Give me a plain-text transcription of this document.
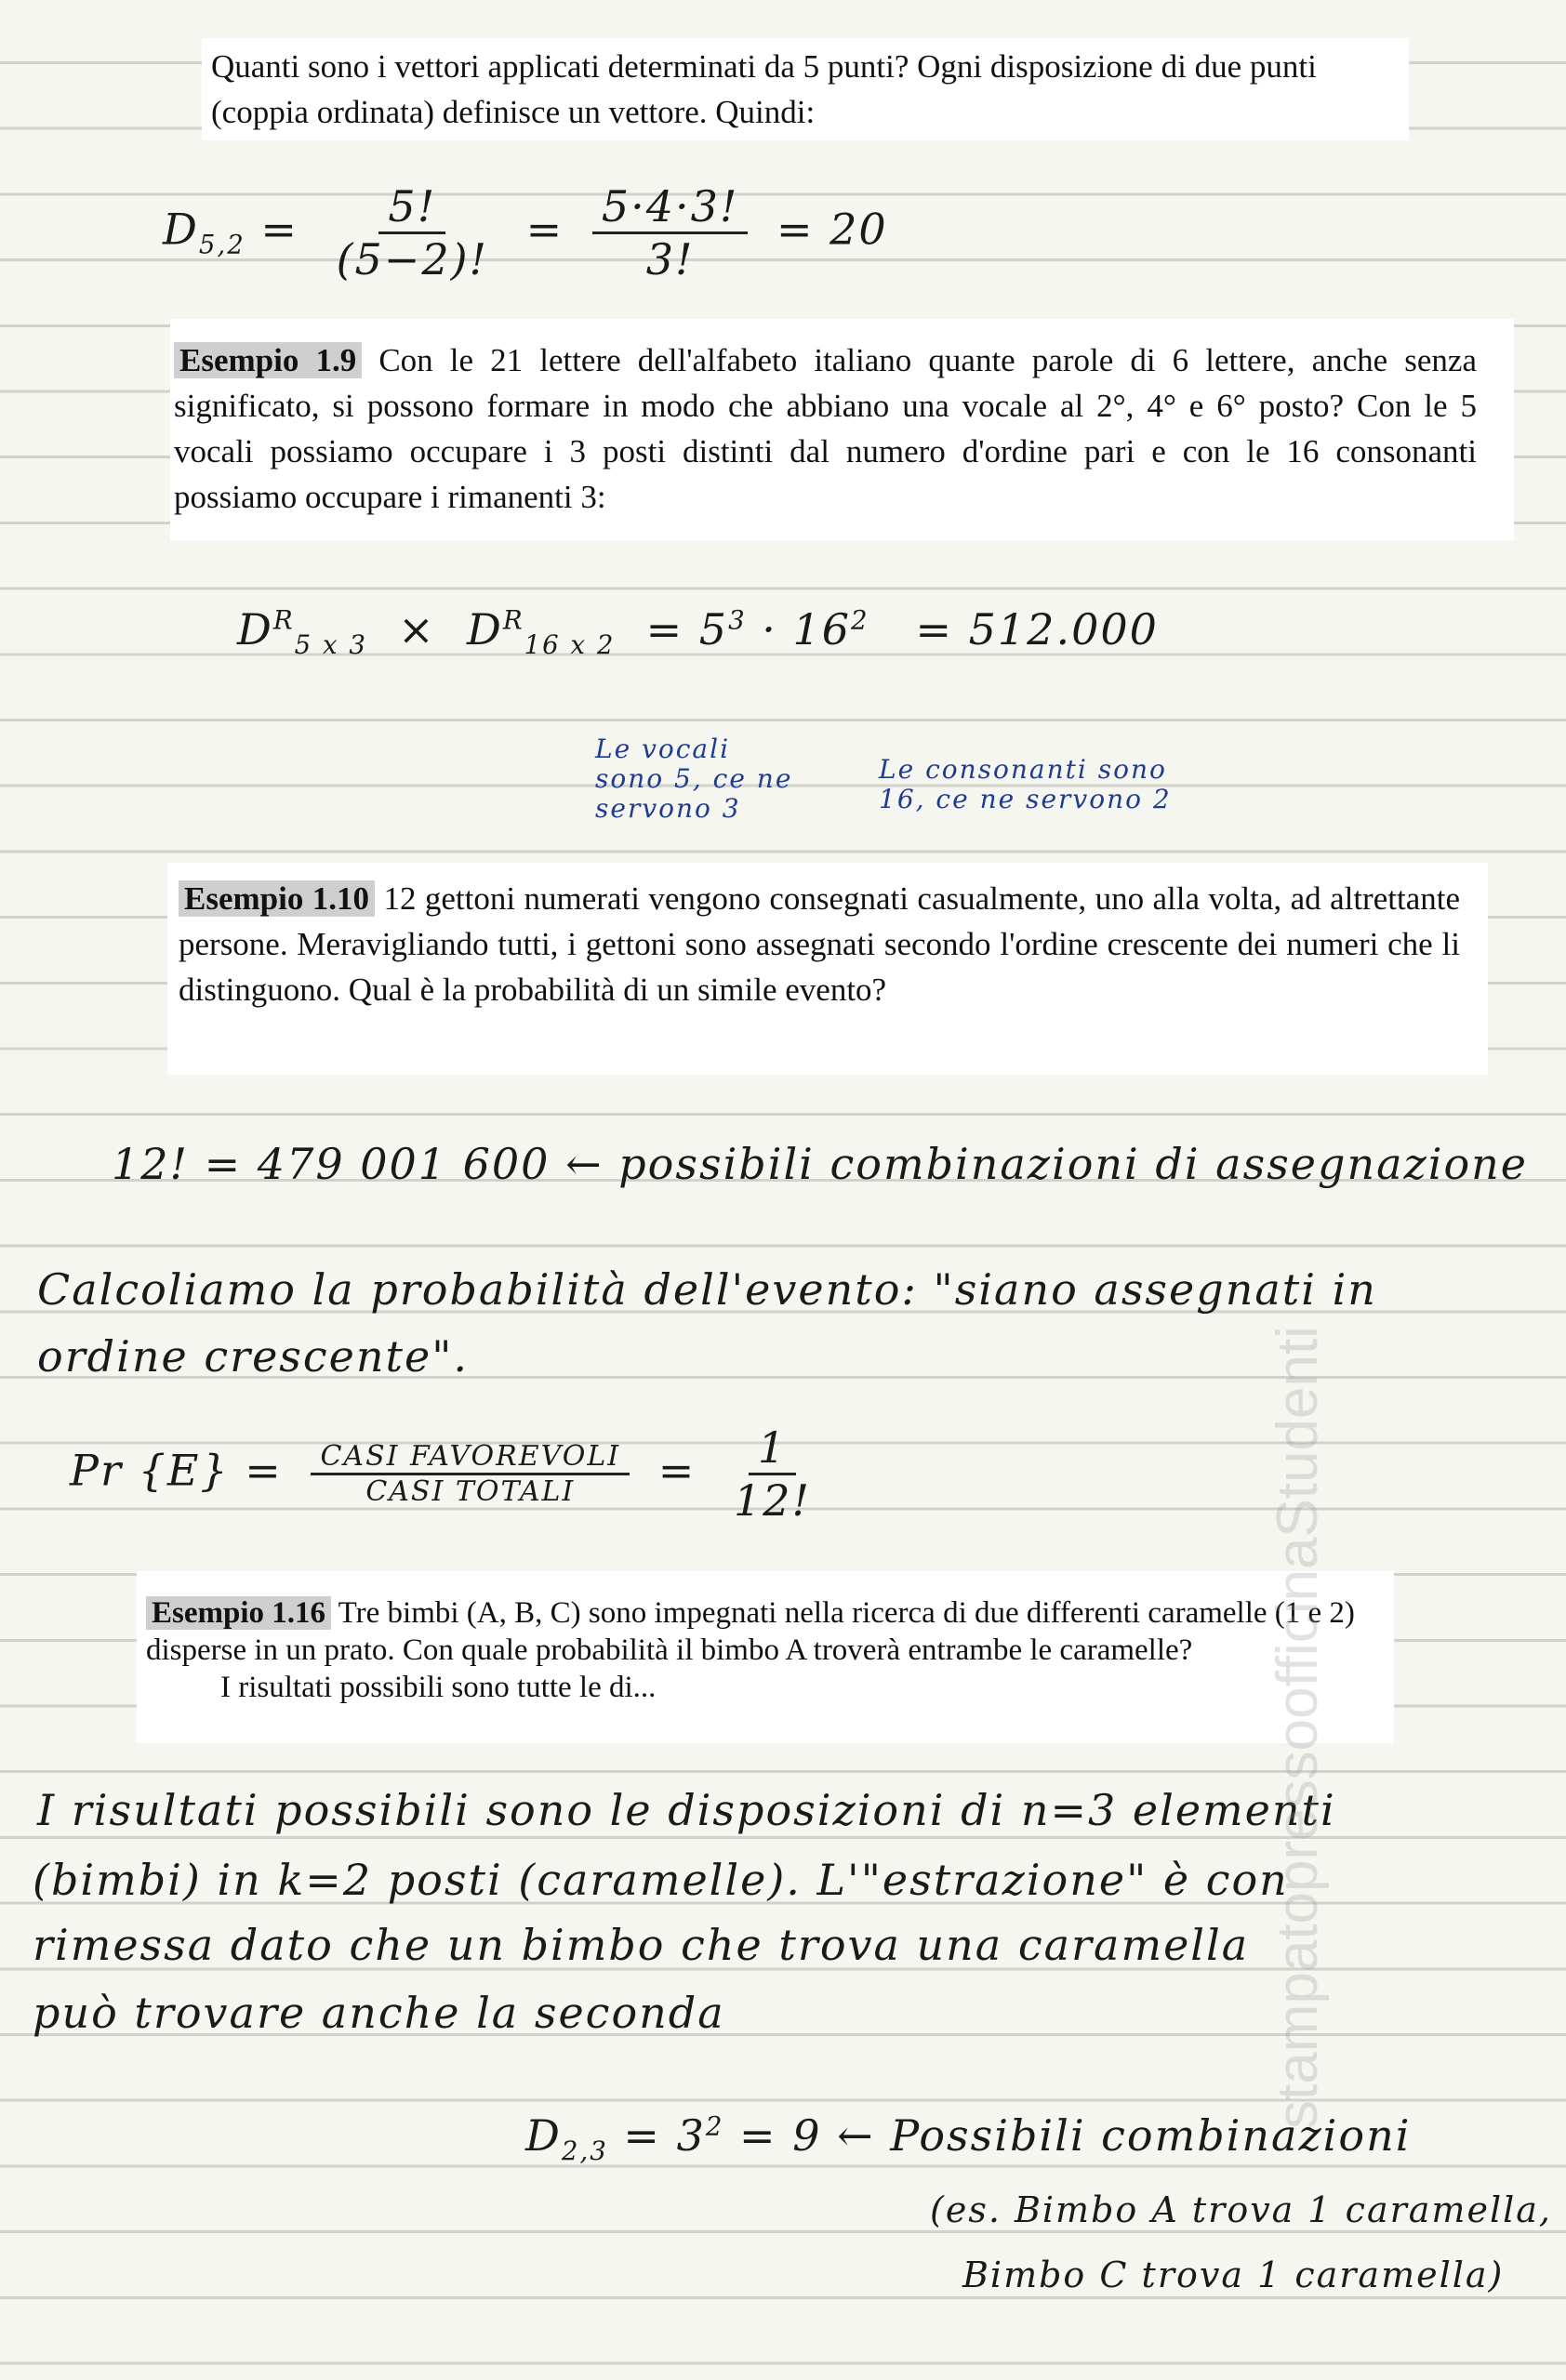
Quanti sono i vettori applicati determinati da 5 punti? Ogni disposizione di due punti (coppia ordinata) definisce un vettore. Quindi:
$D_{5,2} = \frac{5!}{(5-2)!} = \frac{5\cdot 4\cdot 3!}{3!} = 20$
Esempio 1.9 Con le 21 lettere dell'alfabeto italiano quante parole di 6 lettere, anche senza significato, si possono formare in modo che abbiano una vocale al 2°, 4° e 6° posto? Con le 5 vocali possiamo occupare i 3 posti distinti dal numero d'ordine pari e con le 16 consonanti possiamo occupare i rimanenti 3:
$D^R_{5 x 3} \times D^R_{16 x 2} = 5^3 \cdot 16^2 = 512.000$
Le vocali sono 5, ce ne servono 3
Le consonanti sono 16, ce ne servono 2
Esempio 1.10 12 gettoni numerati vengono consegnati casualmente, uno alla volta, ad altrettante persone. Meravigliando tutti, i gettoni sono assegnati secondo l'ordine crescente dei numeri che li distinguono. Qual è la probabilità di un simile evento?
12! = 479 001 600 ← possibili combinazioni di assegnazione
Calcoliamo la probabilità dell'evento: "siano assegnati in
ordine crescente".
Pr $\{E\} = \frac{\text{CASI FAVOREVOLI}}{\text{CASI TOTALI}} = \frac{1}{12!}$
Esempio 1.16 Tre bimbi (A, B, C) sono impegnati nella ricerca di due differenti caramelle (1 e 2) disperse in un prato. Con quale probabilità il bimbo A troverà entrambe le caramelle?
I risultati possibili sono tutte le di...
I risultati possibili sono le disposizioni di n=3 elementi
(bimbi) in k=2 posti (caramelle). L'"estrazione" è con
rimessa dato che un bimbo che trova una caramella
può trovare anche la seconda
$D_{2,3} = 3^2 = 9$ ← Possibili combinazioni
(es. Bimbo A trova 1 caramella,
Bimbo C trova 1 caramella)
stampatopressoofficinaStudenti
